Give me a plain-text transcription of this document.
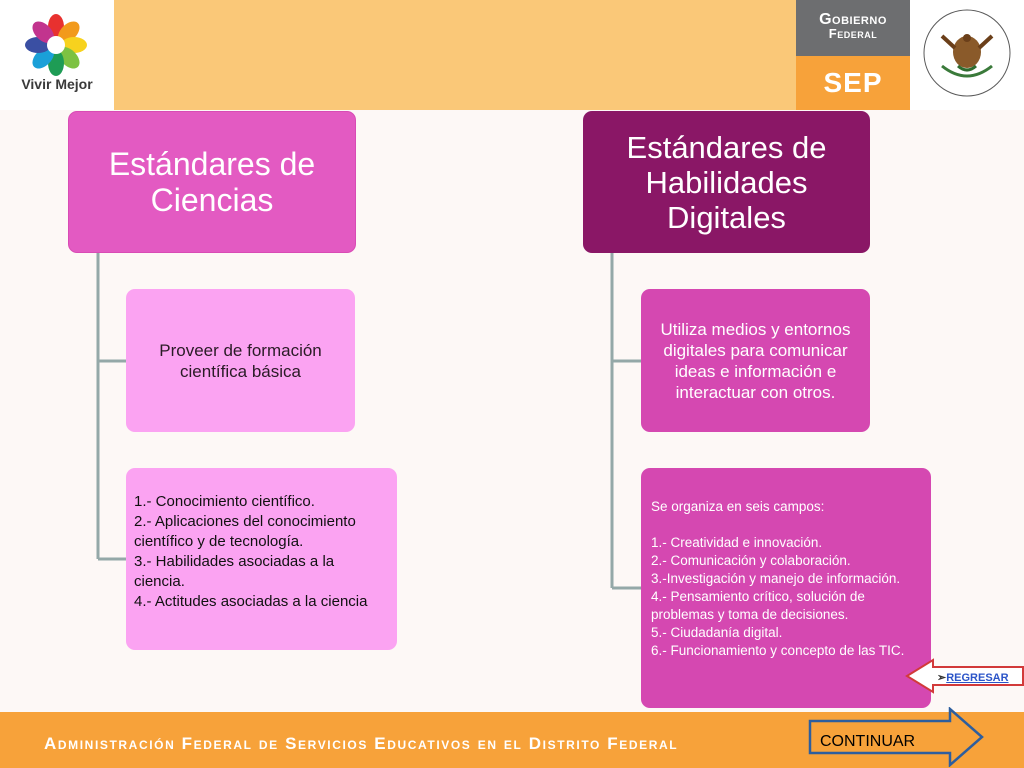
Vivir Mejor
Gobierno
Federal
SEP
Estándares de Ciencias
Estándares de Habilidades Digitales
Proveer de formación científica básica
1.- Conocimiento científico.
2.- Aplicaciones del conocimiento científico y de tecnología.
3.- Habilidades asociadas a la ciencia.
4.- Actitudes asociadas a la ciencia
Utiliza medios y entornos digitales para comunicar ideas e información e interactuar con otros.
Se organiza en seis campos:

1.- Creatividad e innovación.
2.- Comunicación y colaboración.
3.-Investigación y manejo de información.
4.- Pensamiento crítico, solución de problemas y toma de decisiones.
5.- Ciudadanía digital.
6.- Funcionamiento y concepto de las TIC.
Administración Federal de Servicios Educativos en el Distrito Federal
➢REGRESAR
CONTINUAR
